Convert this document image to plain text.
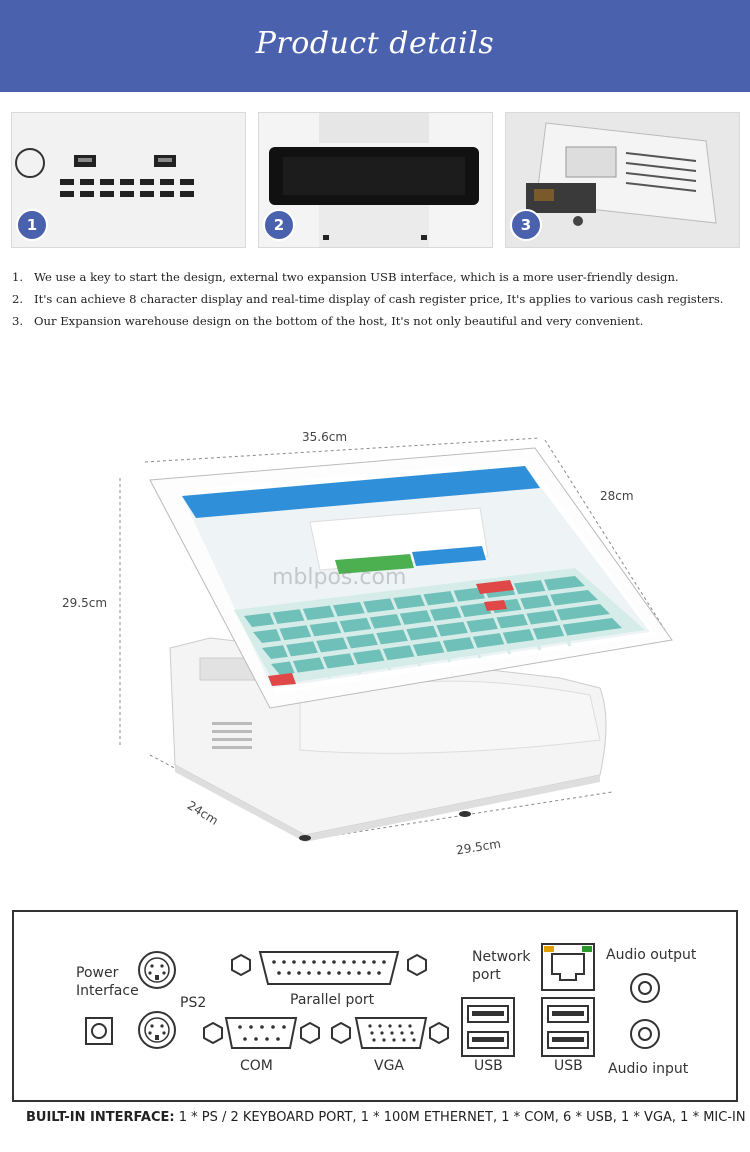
Product details
1	2	3
1. We use a key to start the design, external two expansion USB interface, which is a more user-friendly design.
2. It's can achieve 8 character display and real-time display of cash register price, It's applies to various cash registers.
3. Our Expansion warehouse design on the bottom of the host, It's not only beautiful and very convenient.
35.6cm
28cm
29.5cm
24cm
29.5cm
mblpos.com
Power
Interface
PS2	Parallel port
COM	VGA
Network
port
USB	USB
Audio output
Audio input
BUILT-IN INTERFACE: 1 * PS / 2 KEYBOARD PORT, 1 * 100M ETHERNET, 1 * COM, 6 * USB, 1 * VGA, 1 * MIC-IN
